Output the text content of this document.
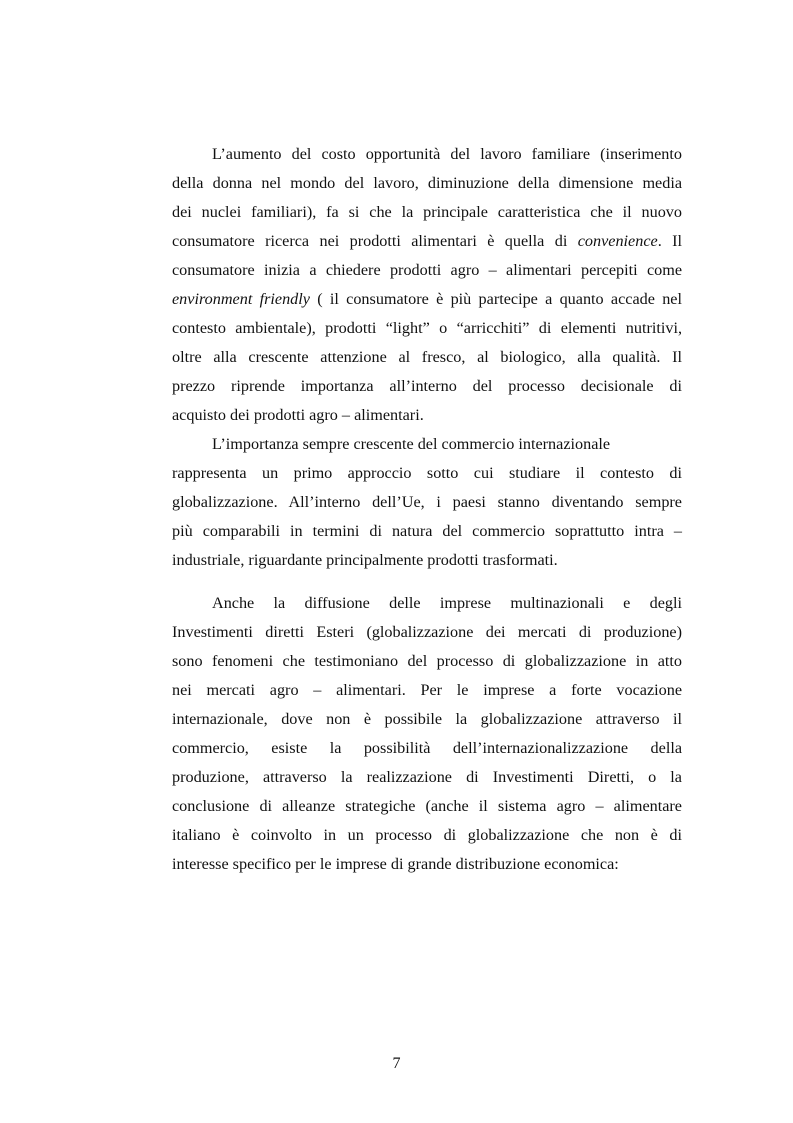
L’aumento del costo opportunità del lavoro familiare (inserimento
della donna nel mondo del lavoro, diminuzione della dimensione media
dei nuclei familiari), fa si che la principale caratteristica che il nuovo
consumatore ricerca nei prodotti alimentari è quella di convenience. Il
consumatore inizia a chiedere prodotti agro – alimentari percepiti come
environment friendly ( il consumatore è più partecipe a quanto accade nel
contesto ambientale), prodotti “light” o “arricchiti” di elementi nutritivi,
oltre alla crescente attenzione al fresco, al biologico, alla qualità. Il
prezzo riprende importanza all’interno del processo decisionale di
acquisto dei prodotti agro – alimentari.
L’importanza sempre crescente del commercio internazionale
rappresenta un primo approccio sotto cui studiare il contesto di
globalizzazione. All’interno dell’Ue, i paesi stanno diventando sempre
più comparabili in termini di natura del commercio soprattutto intra –
industriale, riguardante principalmente prodotti trasformati.
Anche la diffusione delle imprese multinazionali e degli
Investimenti diretti Esteri (globalizzazione dei mercati di produzione)
sono fenomeni che testimoniano del processo di globalizzazione in atto
nei mercati agro – alimentari. Per le imprese a forte vocazione
internazionale, dove non è possibile la globalizzazione attraverso il
commercio, esiste la possibilità dell’internazionalizzazione della
produzione, attraverso la realizzazione di Investimenti Diretti, o la
conclusione di alleanze strategiche (anche il sistema agro – alimentare
italiano è coinvolto in un processo di globalizzazione che non è di
interesse specifico per le imprese di grande distribuzione economica:
7
